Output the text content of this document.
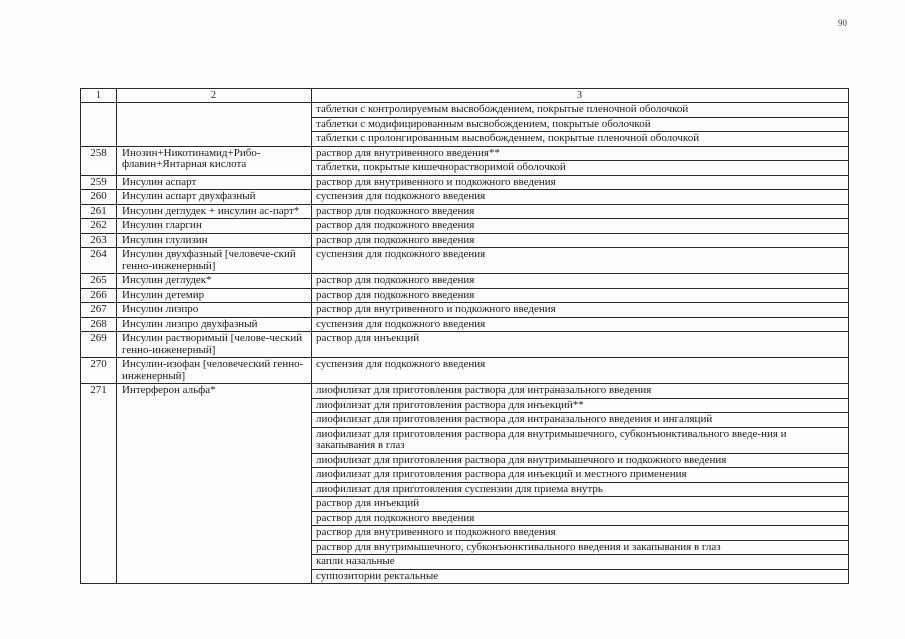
90
1	2	3
		таблетки с контролируемым высвобождением, покрытые пленочной оболочкой
		таблетки с модифицированным высвобождением, покрытые оболочкой
		таблетки с пролонгированным высвобождением, покрытые пленочной оболочкой
258	Инозин+Никотинамид+Рибо-флавин+Янтарная кислота	раствор для внутривенного введения**
		таблетки, покрытые кишечнорастворимой оболочкой
259	Инсулин аспарт	раствор для внутривенного и подкожного введения
260	Инсулин аспарт двухфазный	суспензия для подкожного введения
261	Инсулин деглудек + инсулин ас-парт*	раствор для подкожного введения
262	Инсулин гларгин	раствор для подкожного введения
263	Инсулин глулизин	раствор для подкожного введения
264	Инсулин двухфазный [человече-ский генно-инженерный]	суспензия для подкожного введения
265	Инсулин деглудек*	раствор для подкожного введения
266	Инсулин детемир	раствор для подкожного введения
267	Инсулин лизпро	раствор для внутривенного и подкожного введения
268	Инсулин лизпро двухфазный	суспензия для подкожного введения
269	Инсулин растворимый [челове-ческий генно-инженерный]	раствор для инъекций
270	Инсулин-изофан [человеческий генно-инженерный]	суспензия для подкожного введения
271	Интерферон альфа*	лиофилизат для приготовления раствора для интраназального введения
		лиофилизат для приготовления раствора для инъекций**
		лиофилизат для приготовления раствора для интраназального введения и ингаляций
		лиофилизат для приготовления раствора для внутримышечного, субконъюнктивального введе-ния и закапывания в глаз
		лиофилизат для приготовления раствора для внутримышечного и подкожного введения
		лиофилизат для приготовления раствора для инъекций и местного применения
		лиофилизат для приготовления суспензии для приема внутрь
		раствор для инъекций
		раствор для подкожного введения
		раствор для внутривенного и подкожного введения
		раствор для внутримышечного, субконъюнктивального введения и закапывания в глаз
		капли назальные
		суппозитории ректальные
